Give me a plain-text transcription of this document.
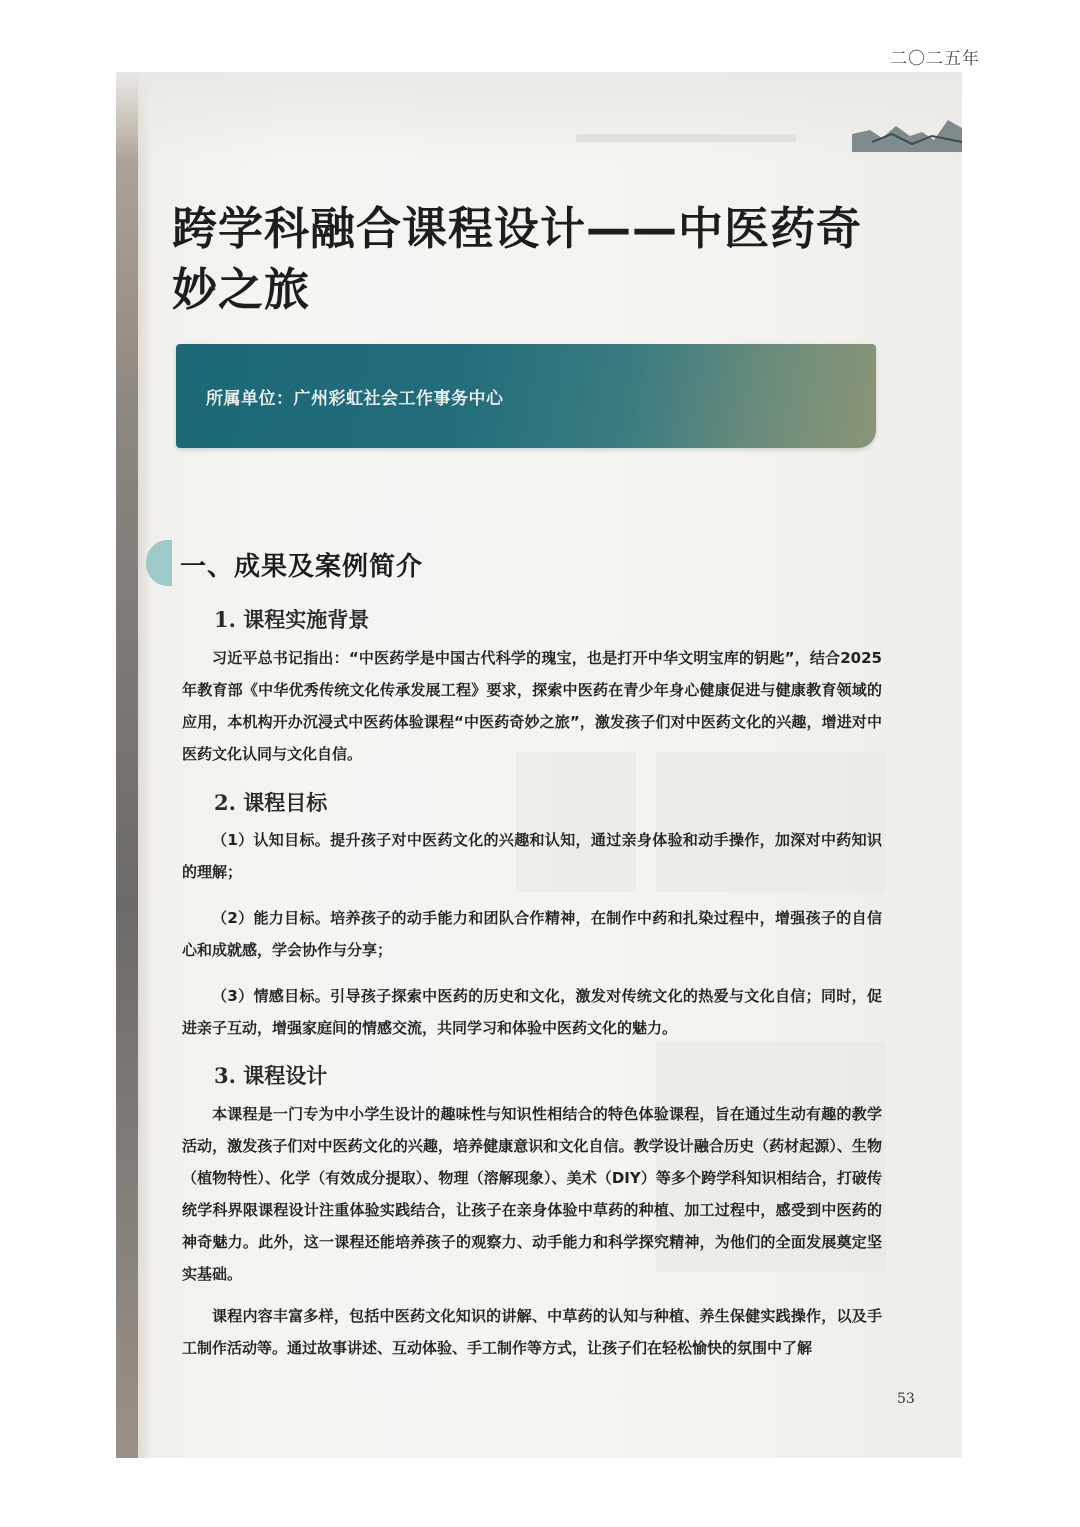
二〇二五年
跨学科融合课程设计——中医药奇妙之旅
所属单位：广州彩虹社会工作事务中心
一、成果及案例简介
1. 课程实施背景
习近平总书记指出：“中医药学是中国古代科学的瑰宝，也是打开中华文明宝库的钥匙”，结合2025 年教育部《中华优秀传统文化传承发展工程》要求，探索中医药在青少年身心健康促进与健康教育领域的应用，本机构开办沉浸式中医药体验课程“中医药奇妙之旅”，激发孩子们对中医药文化的兴趣，增进对中医药文化认同与文化自信。
2. 课程目标
（1）认知目标。提升孩子对中医药文化的兴趣和认知，通过亲身体验和动手操作，加深对中药知识的理解；
（2）能力目标。培养孩子的动手能力和团队合作精神，在制作中药和扎染过程中，增强孩子的自信心和成就感，学会协作与分享；
（3）情感目标。引导孩子探索中医药的历史和文化，激发对传统文化的热爱与文化自信；同时，促进亲子互动，增强家庭间的情感交流，共同学习和体验中医药文化的魅力。
3. 课程设计
本课程是一门专为中小学生设计的趣味性与知识性相结合的特色体验课程，旨在通过生动有趣的教学活动，激发孩子们对中医药文化的兴趣，培养健康意识和文化自信。教学设计融合历史（药材起源）、生物（植物特性）、化学（有效成分提取）、物理（溶解现象）、美术（DIY）等多个跨学科知识相结合，打破传统学科界限课程设计注重体验实践结合，让孩子在亲身体验中草药的种植、加工过程中，感受到中医药的神奇魅力。此外，这一课程还能培养孩子的观察力、动手能力和科学探究精神，为他们的全面发展奠定坚实基础。
课程内容丰富多样，包括中医药文化知识的讲解、中草药的认知与种植、养生保健实践操作，以及手工制作活动等。通过故事讲述、互动体验、手工制作等方式，让孩子们在轻松愉快的氛围中了解
53
